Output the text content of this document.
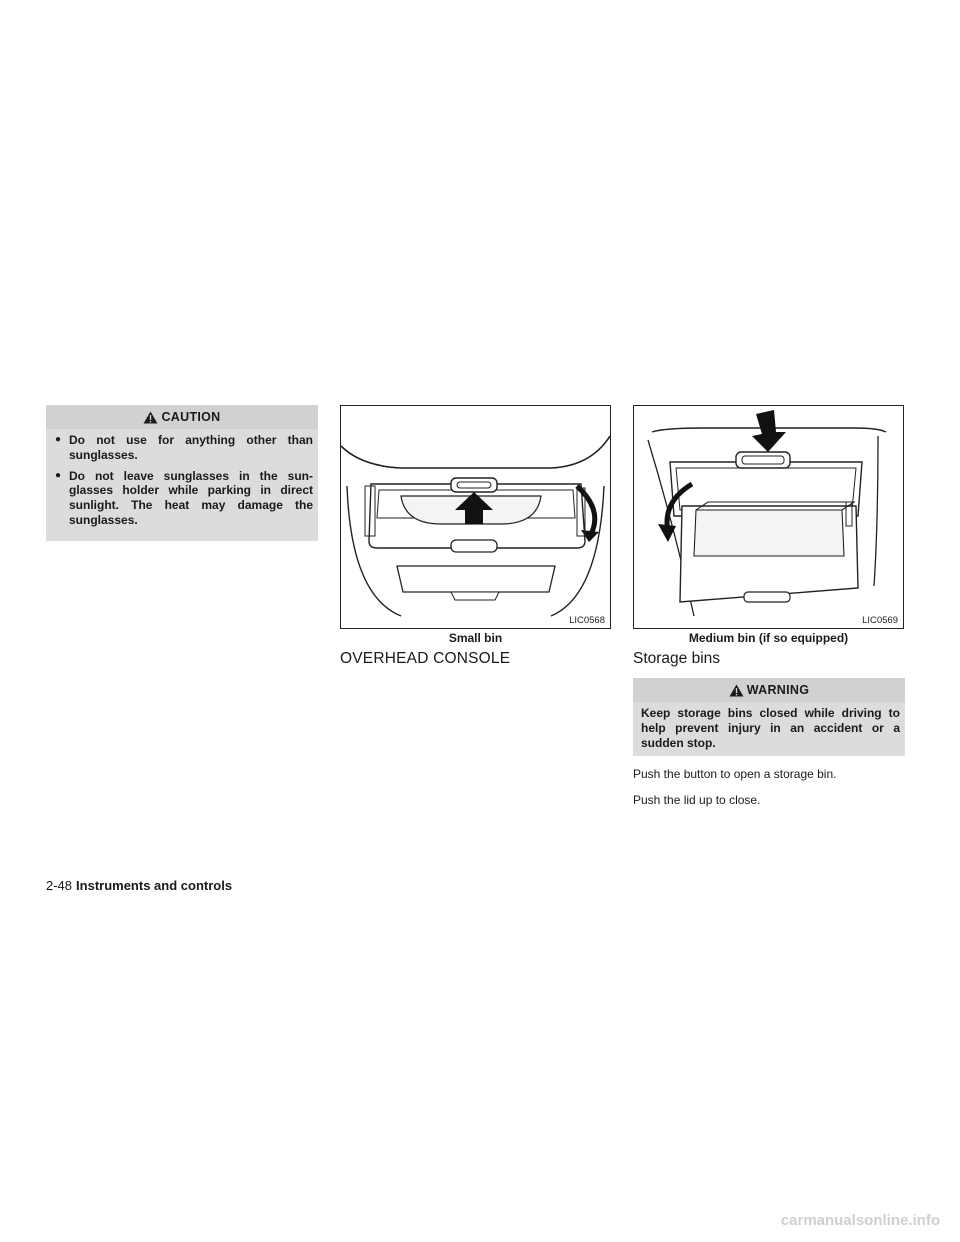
CAUTION
● Do not use for anything other than sunglasses.
● Do not leave sunglasses in the sun- glasses holder while parking in direct sunlight. The heat may damage the sunglasses.
LIC0568
Small bin
LIC0569
Medium bin (if so equipped)
OVERHEAD CONSOLE	Storage bins
WARNING

Keep storage bins closed while driving to help prevent injury in an accident or a sudden stop.

Push the button to open a storage bin.
Push the lid up to close.
2-48 Instruments and controls
carmanualsonline.info
